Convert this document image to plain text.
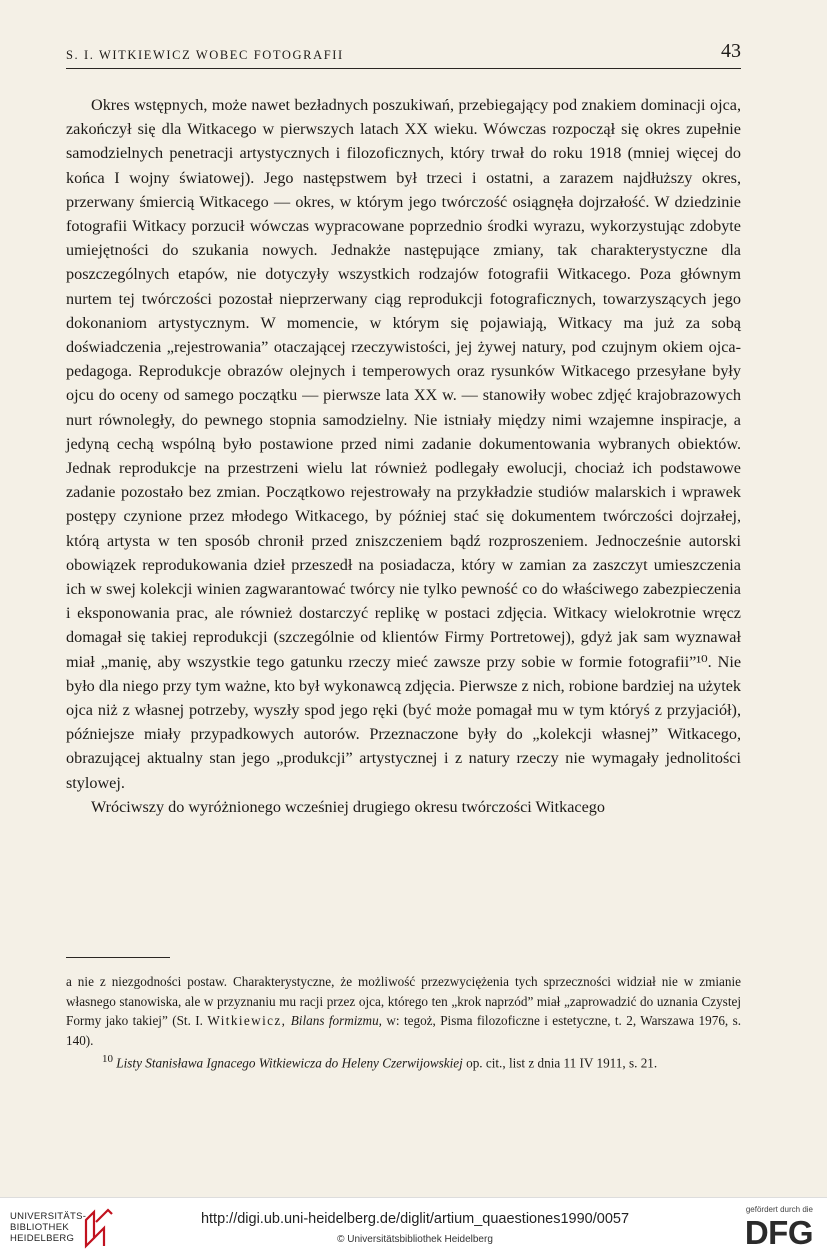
S. I. WITKIEWICZ WOBEC FOTOGRAFII	43

Okres wstępnych, może nawet bezładnych poszukiwań, przebiegający pod znakiem dominacji ojca, zakończył się dla Witkacego w pierwszych latach XX wieku. Wówczas rozpoczął się okres zupełnie samodzielnych penetracji artystycznych i filozoficznych, który trwał do roku 1918 (mniej więcej do końca I wojny światowej). Jego następstwem był trzeci i ostatni, a zarazem najdłuższy okres, przerwany śmiercią Witkacego — okres, w którym jego twórczość osiągnęła dojrzałość. W dziedzinie fotografii Witkacy porzucił wówczas wypracowane poprzednio środki wyrazu, wykorzystując zdobyte umiejętności do szukania nowych. Jednakże następujące zmiany, tak charakterystyczne dla poszczególnych etapów, nie dotyczyły wszystkich rodzajów fotografii Witkacego. Poza głównym nurtem tej twórczości pozostał nieprzerwany ciąg reprodukcji fotograficznych, towarzyszących jego dokonaniom artystycznym. W momencie, w którym się pojawiają, Witkacy ma już za sobą doświadczenia „rejestrowania” otaczającej rzeczywistości, jej żywej natury, pod czujnym okiem ojca-pedagoga. Reprodukcje obrazów olejnych i temperowych oraz rysunków Witkacego przesyłane były ojcu do oceny od samego początku — pierwsze lata XX w. — stanowiły wobec zdjęć krajobrazowych nurt równoległy, do pewnego stopnia samodzielny. Nie istniały między nimi wzajemne inspiracje, a jedyną cechą wspólną było postawione przed nimi zadanie dokumentowania wybranych obiektów. Jednak reprodukcje na przestrzeni wielu lat również podlegały ewolucji, chociaż ich podstawowe zadanie pozostało bez zmian. Początkowo rejestrowały na przykładzie studiów malarskich i wprawek postępy czynione przez młodego Witkacego, by później stać się dokumentem twórczości dojrzałej, którą artysta w ten sposób chronił przed zniszczeniem bądź rozproszeniem. Jednocześnie autorski obowiązek reprodukowania dzieł przeszedł na posiadacza, który w zamian za zaszczyt umieszczenia ich w swej kolekcji winien zagwarantować twórcy nie tylko pewność co do właściwego zabezpieczenia i eksponowania prac, ale również dostarczyć replikę w postaci zdjęcia. Witkacy wielokrotnie wręcz domagał się takiej reprodukcji (szczególnie od klientów Firmy Portretowej), gdyż jak sam wyznawał miał „manię, aby wszystkie tego gatunku rzeczy mieć zawsze przy sobie w formie fotografii”¹⁰. Nie było dla niego przy tym ważne, kto był wykonawcą zdjęcia. Pierwsze z nich, robione bardziej na użytek ojca niż z własnej potrzeby, wyszły spod jego ręki (być może pomagał mu w tym któryś z przyjaciół), późniejsze miały przypadkowych autorów. Przeznaczone były do „kolekcji własnej” Witkacego, obrazującej aktualny stan jego „produkcji” artystycznej i z natury rzeczy nie wymagały jednolitości stylowej.

Wróciwszy do wyróżnionego wcześniej drugiego okresu twórczości Witkacego

a nie z niezgodności postaw. Charakterystyczne, że możliwość przezwyciężenia tych sprzeczności widział nie w zmianie własnego stanowiska, ale w przyznaniu mu racji przez ojca, którego ten „krok naprzód” miał „zaprowadzić do uznania Czystej Formy jako takiej” (St. I. Witkiewicz, Bilans formizmu, w: tegoż, Pisma filozoficzne i estetyczne, t. 2, Warszawa 1976, s. 140).

$^{10}$ Listy Stanisława Ignacego Witkiewicza do Heleny Czerwijowskiej op. cit., list z dnia 11 IV 1911, s. 21.

UNIVERSITÄTS-
BIBLIOTHEK
HEIDELBERG
http://digi.ub.uni-heidelberg.de/diglit/artium_quaestiones1990/0057
© Universitätsbibliothek Heidelberg
gefördert durch die
DFG
